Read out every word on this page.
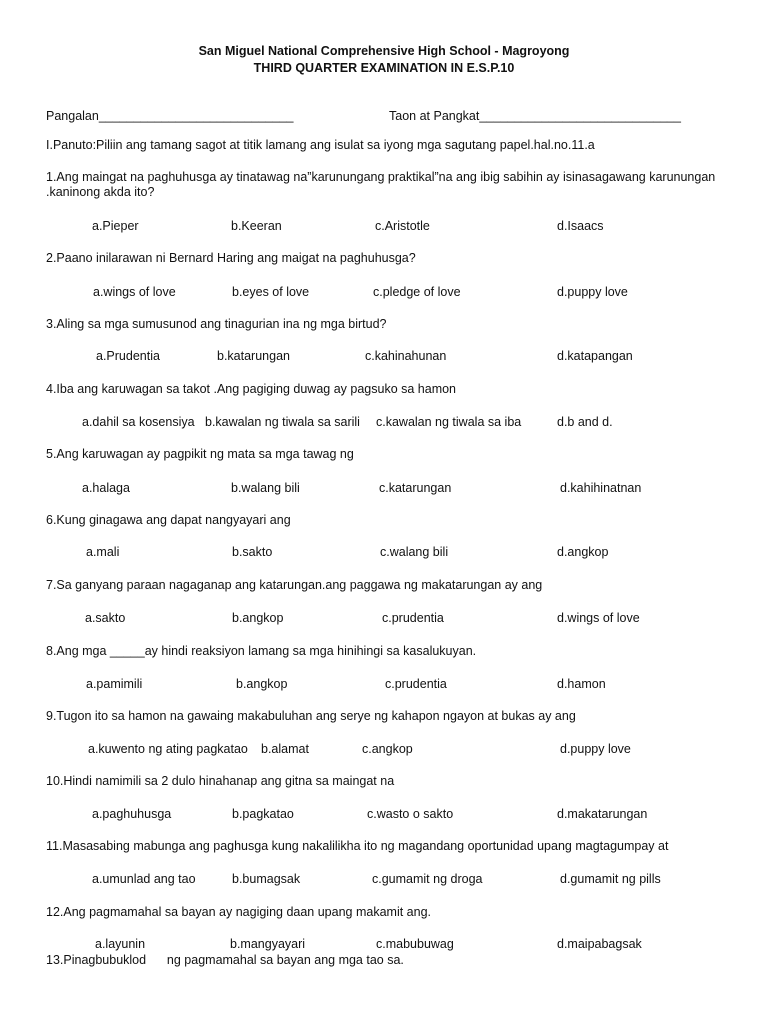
San Miguel National Comprehensive High School - Magroyong
THIRD QUARTER EXAMINATION IN E.S.P.10
Pangalan____________________________	Taon at Pangkat_____________________________
I.Panuto:Piliin ang tamang sagot at titik lamang ang isulat sa iyong mga sagutang papel.hal.no.11.a
1.Ang maingat na paghuhusga ay tinatawag na”karunungang praktikal”na ang ibig sabihin ay isinasagawang karunungan .kaninong akda ito?
a.Pieper	b.Keeran	c.Aristotle	d.Isaacs
2.Paano inilarawan ni Bernard Haring ang maigat na paghuhusga?
a.wings of love	b.eyes of love	c.pledge of love	d.puppy love
3.Aling sa mga sumusunod ang tinagurian ina ng mga birtud?
a.Prudentia	b.katarungan	c.kahinahunan	d.katapangan
4.Iba ang karuwagan sa takot .Ang pagiging duwag ay pagsuko sa hamon
a.dahil sa kosensiya b.kawalan ng tiwala sa sarili c.kawalan ng tiwala sa iba	d.b and d.
5.Ang karuwagan ay pagpikit ng mata sa mga tawag ng
a.halaga	b.walang bili	c.katarungan	d.kahihinatnan
6.Kung ginagawa ang dapat nangyayari ang
a.mali	b.sakto	c.walang bili	d.angkop
7.Sa ganyang paraan nagaganap ang katarungan.ang paggawa ng makatarungan ay ang
a.sakto	b.angkop	c.prudentia	d.wings of love
8.Ang mga _____ay hindi reaksiyon lamang sa mga hinihingi sa kasalukuyan.
a.pamimili	b.angkop	c.prudentia	d.hamon
9.Tugon ito sa hamon na gawaing makabuluhan ang serye ng kahapon ngayon at bukas ay ang
a.kuwento ng ating pagkatao b.alamat	c.angkop	d.puppy love
10.Hindi namimili sa 2 dulo hinahanap ang gitna sa maingat na
a.paghuhusga	b.pagkatao	c.wasto o sakto	d.makatarungan
11.Masasabing mabunga ang paghusga kung nakalilikha ito ng magandang oportunidad upang magtagumpay at
a.umunlad ang tao	b.bumagsak	c.gumamit ng droga	d.gumamit ng pills
12.Ang pagmamahal sa bayan ay nagiging daan upang makamit ang.
a.layunin	b.mangyayari	c.mabubuwag	d.maipabagsak
13.Pinagbubuklod      ng pagmamahal sa bayan ang mga tao sa.
